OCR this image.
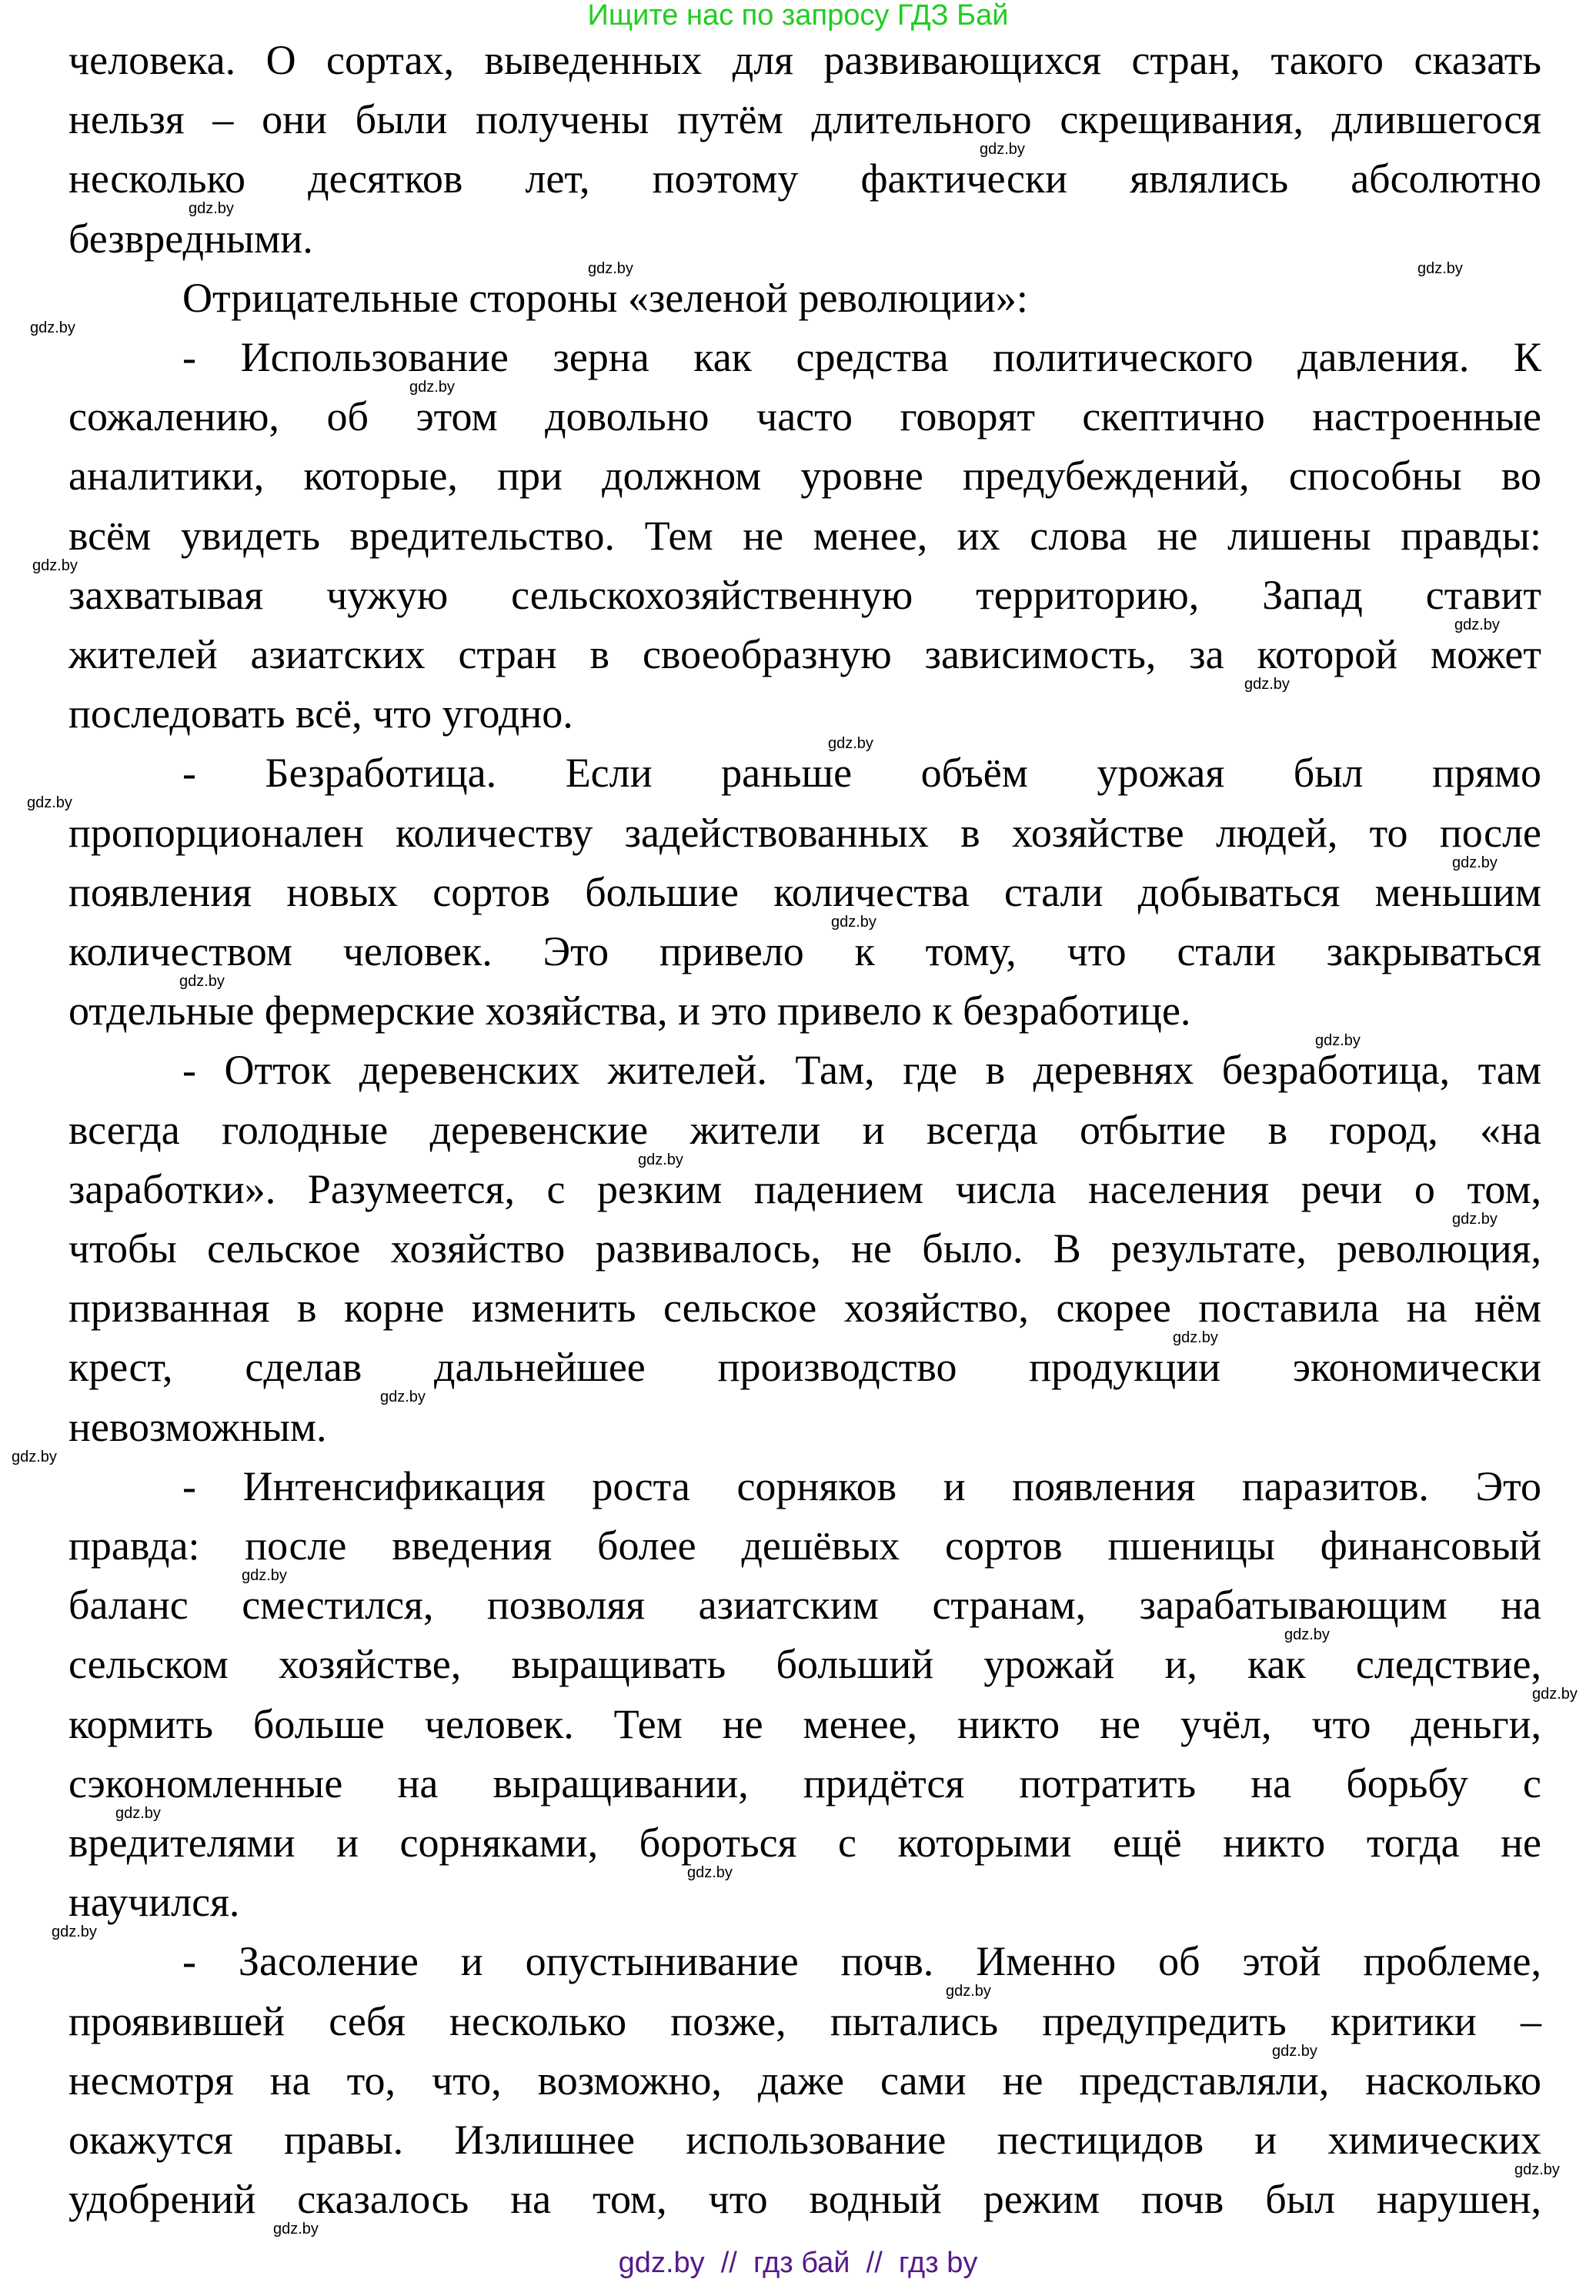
Ищите нас по запросу ГДЗ Бай
человека. О сортах, выведенных для развивающихся стран, такого сказать
нельзя – они были получены путём длительного скрещивания, длившегося
несколько десятков лет, поэтому фактически являлись абсолютно
безвредными.
Отрицательные стороны «зеленой революции»:
- Использование зерна как средства политического давления. К
сожалению, об этом довольно часто говорят скептично настроенные
аналитики, которые, при должном уровне предубеждений, способны во
всём увидеть вредительство. Тем не менее, их слова не лишены правды:
захватывая чужую сельскохозяйственную территорию, Запад ставит
жителей азиатских стран в своеобразную зависимость, за которой может
последовать всё, что угодно.
- Безработица. Если раньше объём урожая был прямо
пропорционален количеству задействованных в хозяйстве людей, то после
появления новых сортов большие количества стали добываться меньшим
количеством человек. Это привело к тому, что стали закрываться
отдельные фермерские хозяйства, и это привело к безработице.
- Отток деревенских жителей. Там, где в деревнях безработица, там
всегда голодные деревенские жители и всегда отбытие в город, «на
заработки». Разумеется, с резким падением числа населения речи о том,
чтобы сельское хозяйство развивалось, не было. В результате, революция,
призванная в корне изменить сельское хозяйство, скорее поставила на нём
крест, сделав дальнейшее производство продукции экономически
невозможным.
- Интенсификация роста сорняков и появления паразитов. Это
правда: после введения более дешёвых сортов пшеницы финансовый
баланс сместился, позволяя азиатским странам, зарабатывающим на
сельском хозяйстве, выращивать больший урожай и, как следствие,
кормить больше человек. Тем не менее, никто не учёл, что деньги,
сэкономленные на выращивании, придётся потратить на борьбу с
вредителями и сорняками, бороться с которыми ещё никто тогда не
научился.
- Засоление и опустынивание почв. Именно об этой проблеме,
проявившей себя несколько позже, пытались предупредить критики –
несмотря на то, что, возможно, даже сами не представляли, насколько
окажутся правы. Излишнее использование пестицидов и химических
удобрений сказалось на том, что водный режим почв был нарушен,
gdz.by
gdz.by
gdz.by	gdz.by
gdz.by
gdz.by
gdz.by
gdz.by
gdz.by
gdz.by
gdz.by
gdz.by
gdz.by
gdz.by
gdz.by
gdz.by
gdz.by
gdz.by
gdz.by
gdz.by
gdz.by
gdz.by
gdz.by
gdz.by
gdz.by
gdz.by
gdz.by
gdz.by
gdz.by
gdz.by
gdz.by  //  гдз бай  //  гдз by
